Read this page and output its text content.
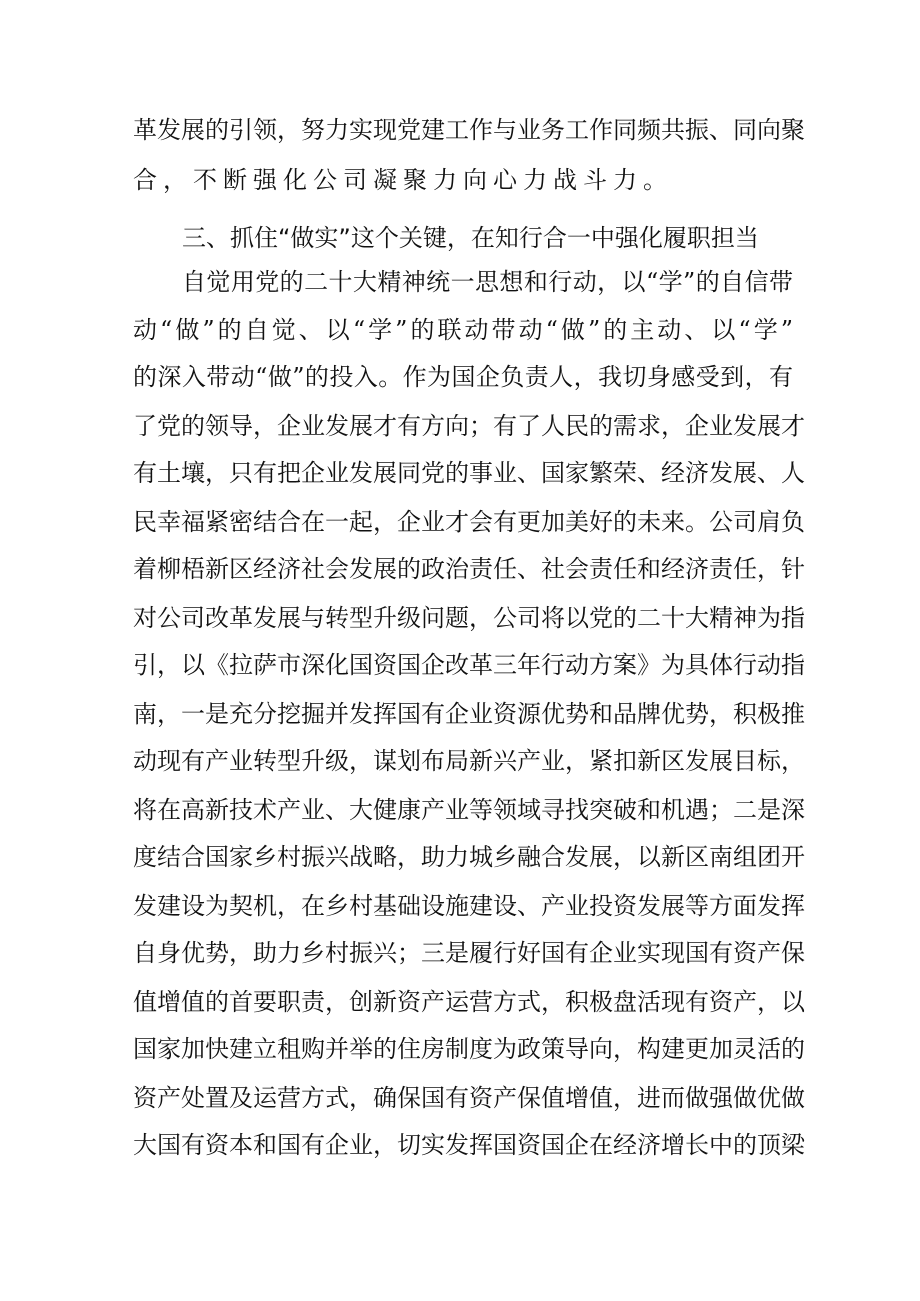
革发展的引领，努力实现党建工作与业务工作同频共振、同向聚
合，不断强化公司凝聚力向心力战斗力。
三、抓住“做实”这个关键，在知行合一中强化履职担当
自觉用党的二十大精神统一思想和行动，以“学”的自信带
动“做”的自觉、以“学”的联动带动“做”的主动、以“学”
的深入带动“做”的投入。作为国企负责人，我切身感受到，有
了党的领导，企业发展才有方向；有了人民的需求，企业发展才
有土壤，只有把企业发展同党的事业、国家繁荣、经济发展、人
民幸福紧密结合在一起，企业才会有更加美好的未来。公司肩负
着柳梧新区经济社会发展的政治责任、社会责任和经济责任，针
对公司改革发展与转型升级问题，公司将以党的二十大精神为指
引，以《拉萨市深化国资国企改革三年行动方案》为具体行动指
南，一是充分挖掘并发挥国有企业资源优势和品牌优势，积极推
动现有产业转型升级，谋划布局新兴产业，紧扣新区发展目标，
将在高新技术产业、大健康产业等领域寻找突破和机遇；二是深
度结合国家乡村振兴战略，助力城乡融合发展，以新区南组团开
发建设为契机，在乡村基础设施建设、产业投资发展等方面发挥
自身优势，助力乡村振兴；三是履行好国有企业实现国有资产保
值增值的首要职责，创新资产运营方式，积极盘活现有资产，以
国家加快建立租购并举的住房制度为政策导向，构建更加灵活的
资产处置及运营方式，确保国有资产保值增值，进而做强做优做
大国有资本和国有企业，切实发挥国资国企在经济增长中的顶梁
